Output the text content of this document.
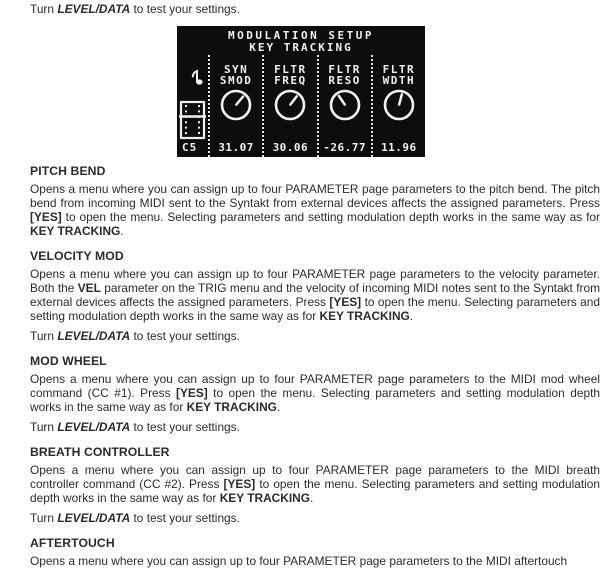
Turn LEVEL/DATA to test your settings.

MODULATION SETUP
KEY TRACKING
C5
SYN
SMOD
31.07
FLTR
FREQ
30.06
FLTR
RESO
-26.77
FLTR
WDTH
11.96
PITCH BEND

Opens a menu where you can assign up to four PARAMETER page parameters to the pitch bend. The pitch bend from incoming MIDI sent to the Syntakt from external devices affects the assigned parameters. Press [YES] to open the menu. Selecting parameters and setting modulation depth works in the same way as for KEY TRACKING.

VELOCITY MOD

Opens a menu where you can assign up to four PARAMETER page parameters to the velocity parameter. Both the VEL parameter on the TRIG menu and the velocity of incoming MIDI notes sent to the Syntakt from external devices affects the assigned parameters. Press [YES] to open the menu. Selecting parameters and setting modulation depth works in the same way as for KEY TRACKING.

Turn LEVEL/DATA to test your settings.

MOD WHEEL

Opens a menu where you can assign up to four PARAMETER page parameters to the MIDI mod wheel command (CC #1). Press [YES] to open the menu. Selecting parameters and setting modulation depth works in the same way as for KEY TRACKING.

Turn LEVEL/DATA to test your settings.

BREATH CONTROLLER

Opens a menu where you can assign up to four PARAMETER page parameters to the MIDI breath controller command (CC #2). Press [YES] to open the menu. Selecting parameters and setting modulation depth works in the same way as for KEY TRACKING.

Turn LEVEL/DATA to test your settings.

AFTERTOUCH

Opens a menu where you can assign up to four PARAMETER page parameters to the MIDI aftertouch
